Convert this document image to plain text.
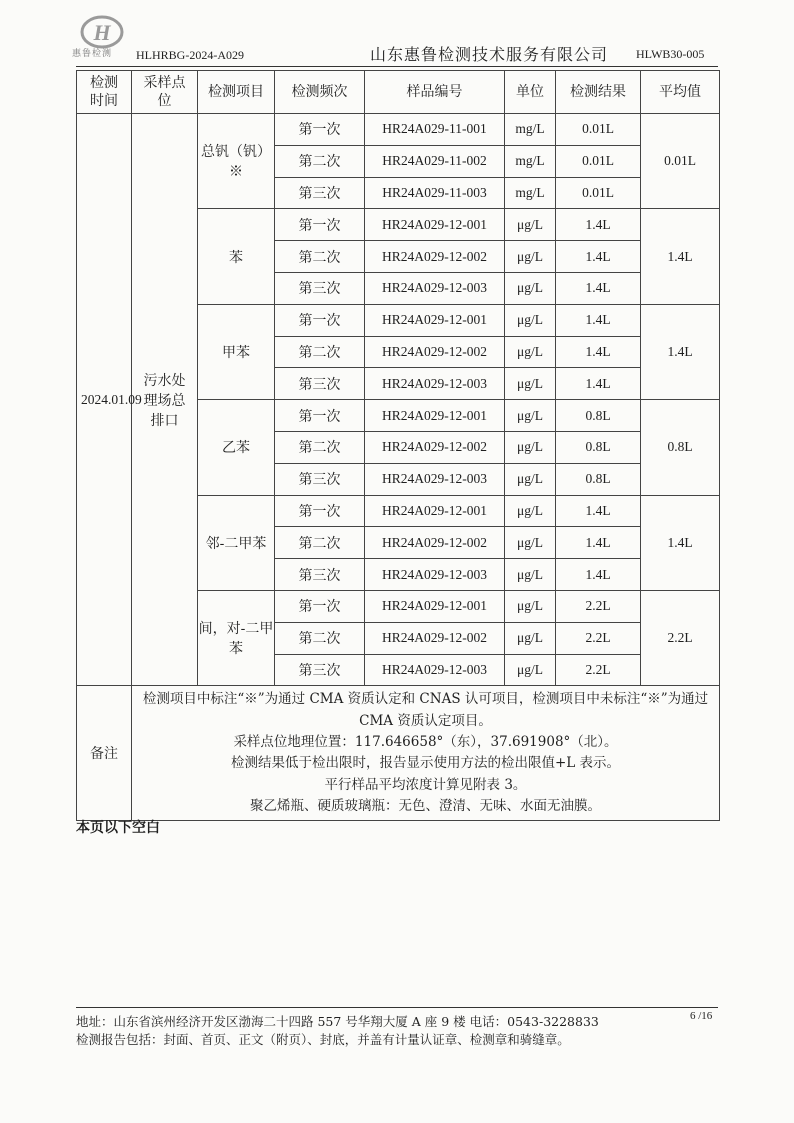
H
惠鲁检测 HLHRBG-2024-A029	山东惠鲁检测技术服务有限公司 HLWB30-005
检测时间	采样点位	检测项目	检测频次	样品编号	单位	检测结果	平均值
2024.01.09	污水处理场总排口	总钒（钒）※	第一次	HR24A029-11-001	mg/L	0.01L	0.01L
			第二次	HR24A029-11-002	mg/L	0.01L	
			第三次	HR24A029-11-003	mg/L	0.01L	
		苯	第一次	HR24A029-12-001	μg/L	1.4L	1.4L
			第二次	HR24A029-12-002	μg/L	1.4L	
			第三次	HR24A029-12-003	μg/L	1.4L	
		甲苯	第一次	HR24A029-12-001	μg/L	1.4L	1.4L
			第二次	HR24A029-12-002	μg/L	1.4L	
			第三次	HR24A029-12-003	μg/L	1.4L	
		乙苯	第一次	HR24A029-12-001	μg/L	0.8L	0.8L
			第二次	HR24A029-12-002	μg/L	0.8L	
			第三次	HR24A029-12-003	μg/L	0.8L	
		邻-二甲苯	第一次	HR24A029-12-001	μg/L	1.4L	1.4L
			第二次	HR24A029-12-002	μg/L	1.4L	
			第三次	HR24A029-12-003	μg/L	1.4L	
		间，对-二甲苯	第一次	HR24A029-12-001	μg/L	2.2L	2.2L
			第二次	HR24A029-12-002	μg/L	2.2L	
			第三次	HR24A029-12-003	μg/L	2.2L	
备注	检测项目中标注“※”为通过 CMA 资质认定和 CNAS 认可项目，检测项目中未标注“※”为通过 CMA 资质认定项目。
采样点位地理位置：117.646658°（东），37.691908°（北）。
检测结果低于检出限时，报告显示使用方法的检出限值+L 表示。
平行样品平均浓度计算见附表 3。
聚乙烯瓶、硬质玻璃瓶：无色、澄清、无味、水面无油膜。						
本页以下空白
地址：山东省滨州经济开发区渤海二十四路 557 号华翔大厦 A 座 9 楼 电话：0543-3228833	6 /16
检测报告包括：封面、首页、正文（附页）、封底，并盖有计量认证章、检测章和骑缝章。
